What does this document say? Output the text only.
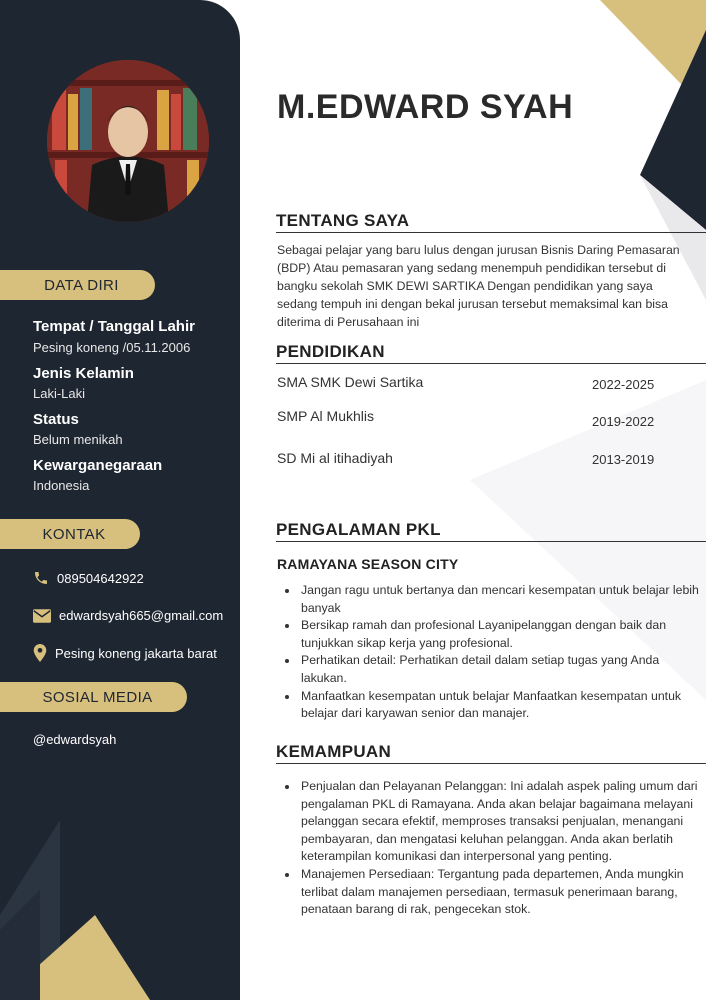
DATA DIRI
Tempat / Tanggal Lahir
Pesing koneng /05.11.2006
Jenis Kelamin
Laki-Laki
Status
Belum menikah
Kewarganegaraan
Indonesia
KONTAK
089504642922
edwardsyah665@gmail.com
Pesing koneng jakarta barat
SOSIAL MEDIA
@edwardsyah
M.EDWARD SYAH
TENTANG SAYA
Sebagai pelajar yang baru lulus dengan jurusan Bisnis Daring Pemasaran (BDP) Atau pemasaran yang sedang menempuh pendidikan tersebut di bangku sekolah SMK DEWI SARTIKA Dengan pendidikan yang saya sedang tempuh ini dengan bekal jurusan tersebut memaksimal kan bisa diterima di Perusahaan ini
PENDIDIKAN
SMA SMK Dewi Sartika	2022-2025
SMP Al Mukhlis	2019-2022
SD Mi al itihadiyah	2013-2019
PENGALAMAN PKL
RAMAYANA SEASON CITY
• Jangan ragu untuk bertanya dan mencari kesempatan untuk belajar lebih banyak
• Bersikap ramah dan profesional Layanipelanggan dengan baik dan tunjukkan sikap kerja yang profesional.
• Perhatikan detail: Perhatikan detail dalam setiap tugas yang Anda lakukan.
• Manfaatkan kesempatan untuk belajar Manfaatkan kesempatan untuk belajar dari karyawan senior dan manajer.
KEMAMPUAN
• Penjualan dan Pelayanan Pelanggan: Ini adalah aspek paling umum dari pengalaman PKL di Ramayana. Anda akan belajar bagaimana melayani pelanggan secara efektif, memproses transaksi penjualan, menangani pembayaran, dan mengatasi keluhan pelanggan. Anda akan berlatih keterampilan komunikasi dan interpersonal yang penting.
• Manajemen Persediaan: Tergantung pada departemen, Anda mungkin terlibat dalam manajemen persediaan, termasuk penerimaan barang, penataan barang di rak, pengecekan stok.
